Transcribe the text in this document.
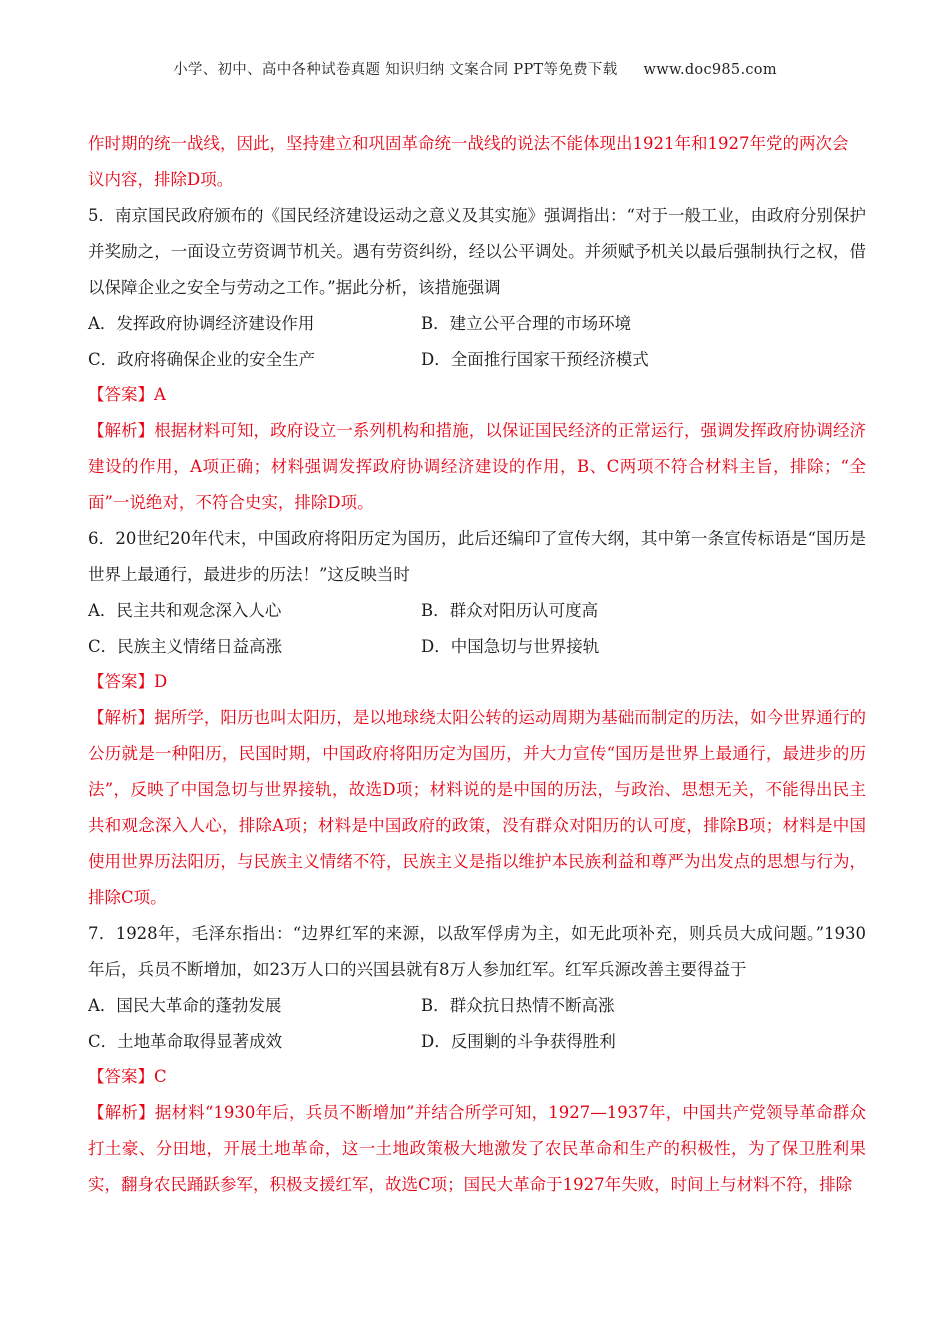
小学、初中、高中各种试卷真题 知识归纳 文案合同 PPT等免费下载 www.doc985.com
作时期的统一战线，因此，坚持建立和巩固革命统一战线的说法不能体现出1921年和1927年党的两次会
议内容，排除D项。
5．南京国民政府颁布的《国民经济建设运动之意义及其实施》强调指出：“对于一般工业，由政府分别保护并奖励之，一面设立劳资调节机关。遇有劳资纠纷，经以公平调处。并须赋予机关以最后强制执行之权，借以保障企业之安全与劳动之工作。”据此分析，该措施强调
A．发挥政府协调经济建设作用	B．建立公平合理的市场环境
C．政府将确保企业的安全生产	D．全面推行国家干预经济模式
【答案】A
【解析】根据材料可知，政府设立一系列机构和措施，以保证国民经济的正常运行，强调发挥政府协调经济建设的作用，A项正确；材料强调发挥政府协调经济建设的作用，B、C两项不符合材料主旨，排除；“全面”一说绝对，不符合史实，排除D项。
6．20世纪20年代末，中国政府将阳历定为国历，此后还编印了宣传大纲，其中第一条宣传标语是“国历是世界上最通行，最进步的历法！”这反映当时
A．民主共和观念深入人心	B．群众对阳历认可度高
C．民族主义情绪日益高涨	D．中国急切与世界接轨
【答案】D
【解析】据所学，阳历也叫太阳历，是以地球绕太阳公转的运动周期为基础而制定的历法，如今世界通行的公历就是一种阳历，民国时期，中国政府将阳历定为国历，并大力宣传“国历是世界上最通行，最进步的历法”，反映了中国急切与世界接轨，故选D项；材料说的是中国的历法，与政治、思想无关，不能得出民主共和观念深入人心，排除A项；材料是中国政府的政策，没有群众对阳历的认可度，排除B项；材料是中国使用世界历法阳历，与民族主义情绪不符，民族主义是指以维护本民族利益和尊严为出发点的思想与行为，排除C项。
7．1928年，毛泽东指出：“边界红军的来源，以敌军俘虏为主，如无此项补充，则兵员大成问题。”1930年后，兵员不断增加，如23万人口的兴国县就有8万人参加红军。红军兵源改善主要得益于
A．国民大革命的蓬勃发展	B．群众抗日热情不断高涨
C．土地革命取得显著成效	D．反围剿的斗争获得胜利
【答案】C
【解析】据材料“1930年后，兵员不断增加”并结合所学可知，1927—1937年，中国共产党领导革命群众打土豪、分田地，开展土地革命，这一土地政策极大地激发了农民革命和生产的积极性，为了保卫胜利果实，翻身农民踊跃参军，积极支援红军，故选C项；国民大革命于1927年失败，时间上与材料不符，排除
